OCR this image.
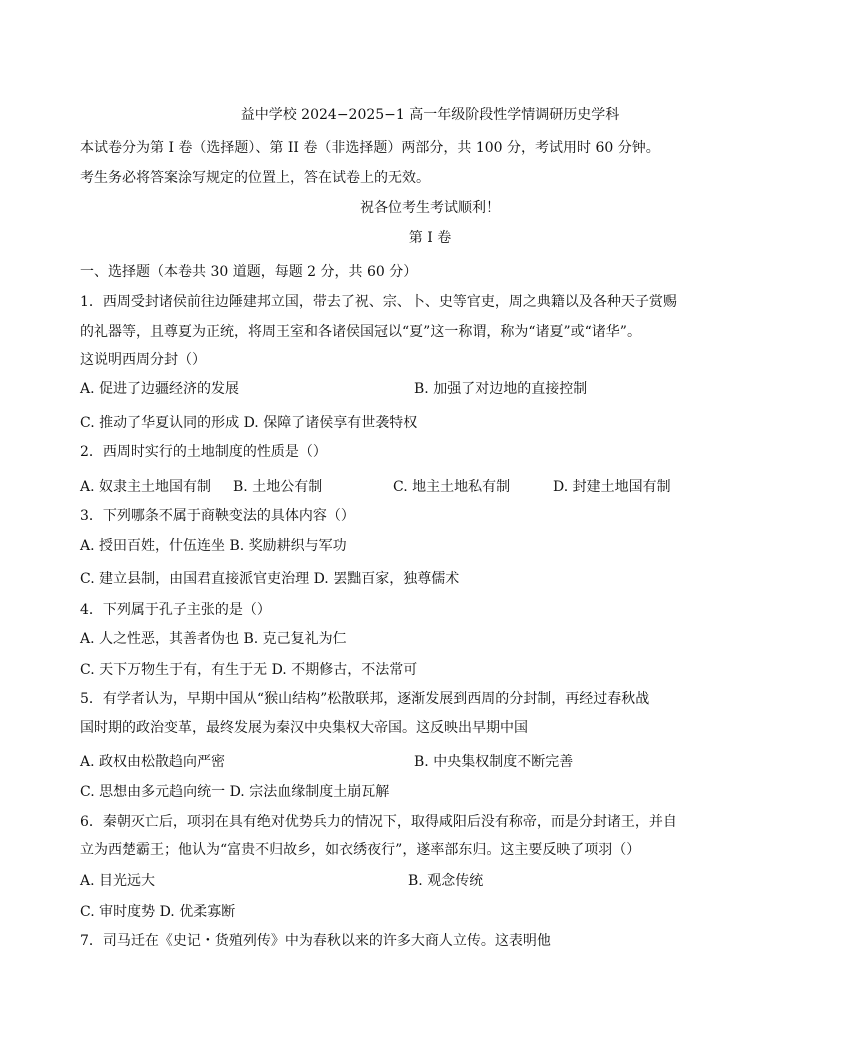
益中学校 2024−2025−1 高一年级阶段性学情调研历史学科
本试卷分为第 I 卷（选择题）、第 II 卷（非选择题）两部分，共 100 分，考试用时 60 分钟。
考生务必将答案涂写规定的位置上，答在试卷上的无效。
祝各位考生考试顺利！
第 I 卷
一、选择题（本卷共 30 道题，每题 2 分，共 60 分）
1．西周受封诸侯前往边陲建邦立国，带去了祝、宗、卜、史等官吏，周之典籍以及各种天子赏赐
的礼器等，且尊夏为正统，将周王室和各诸侯国冠以“夏”这一称谓，称为“诸夏”或“诸华”。
这说明西周分封（）
A. 促进了边疆经济的发展	B. 加强了对边地的直接控制
C. 推动了华夏认同的形成 D. 保障了诸侯享有世袭特权
2．西周时实行的土地制度的性质是（）
A. 奴隶主土地国有制 B. 土地公有制	C. 地主土地私有制	D. 封建土地国有制
3．下列哪条不属于商鞅变法的具体内容（）
A. 授田百姓，什伍连坐 B. 奖励耕织与军功
C. 建立县制，由国君直接派官吏治理 D. 罢黜百家，独尊儒术
4．下列属于孔子主张的是（）
A. 人之性恶，其善者伪也 B. 克己复礼为仁
C. 天下万物生于有，有生于无 D. 不期修古，不法常可
5．有学者认为，早期中国从“猴山结构”松散联邦，逐渐发展到西周的分封制，再经过春秋战
国时期的政治变革，最终发展为秦汉中央集权大帝国。这反映出早期中国
A. 政权由松散趋向严密	B. 中央集权制度不断完善
C. 思想由多元趋向统一 D. 宗法血缘制度土崩瓦解
6．秦朝灭亡后，项羽在具有绝对优势兵力的情况下，取得咸阳后没有称帝，而是分封诸王，并自
立为西楚霸王；他认为“富贵不归故乡，如衣绣夜行”，遂率部东归。这主要反映了项羽（）
A. 目光远大	B. 观念传统
C. 审时度势 D. 优柔寡断
7．司马迁在《史记・货殖列传》中为春秋以来的许多大商人立传。这表明他
